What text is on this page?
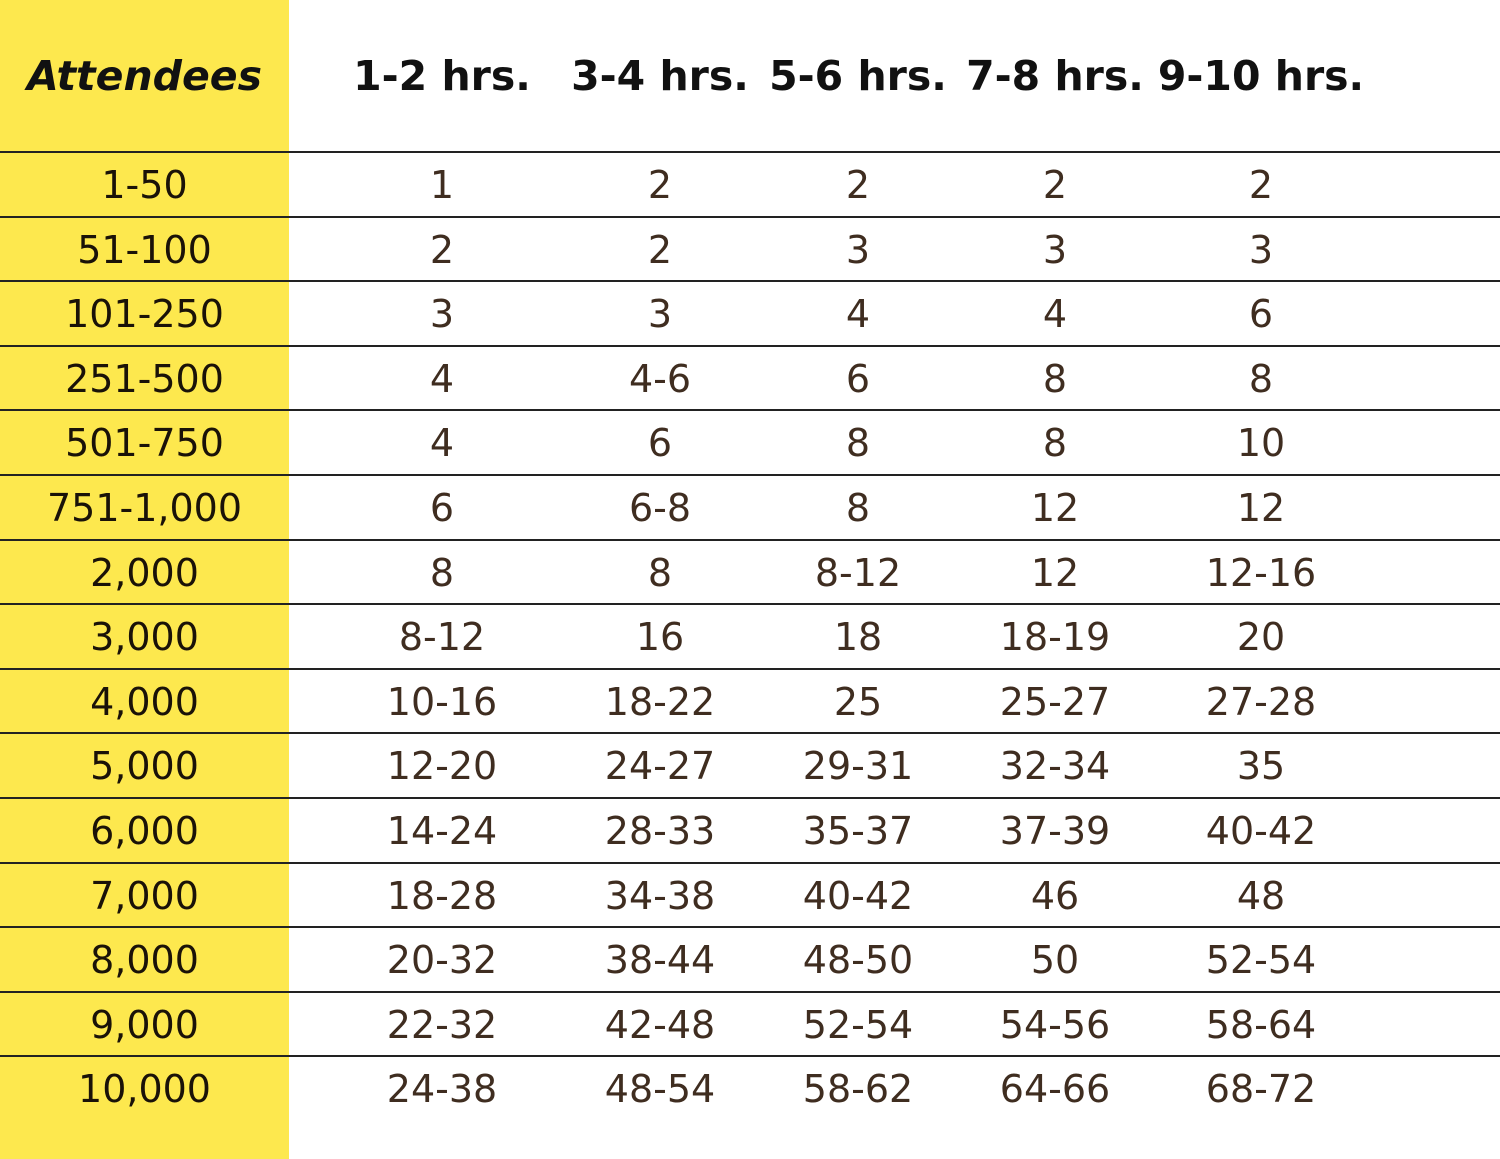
Attendees	1-2 hrs. 3-4 hrs. 5-6 hrs. 7-8 hrs. 9-10 hrs.
1-50	1	2	2	2	2
51-100	2	2	3	3	3
101-250	3	3	4	4	6
251-500	4	4-6	6	8	8
501-750	4	6	8	8	10
751-1,000	6	6-8	8	12	12
2,000	8	8	8-12	12	12-16
3,000	8-12	16	18	18-19	20
4,000	10-16	18-22	25	25-27	27-28
5,000	12-20	24-27	29-31	32-34	35
6,000	14-24	28-33	35-37	37-39	40-42
7,000	18-28	34-38	40-42	46	48
8,000	20-32	38-44	48-50	50	52-54
9,000	22-32	42-48	52-54	54-56	58-64
10,000	24-38	48-54	58-62	64-66	68-72
